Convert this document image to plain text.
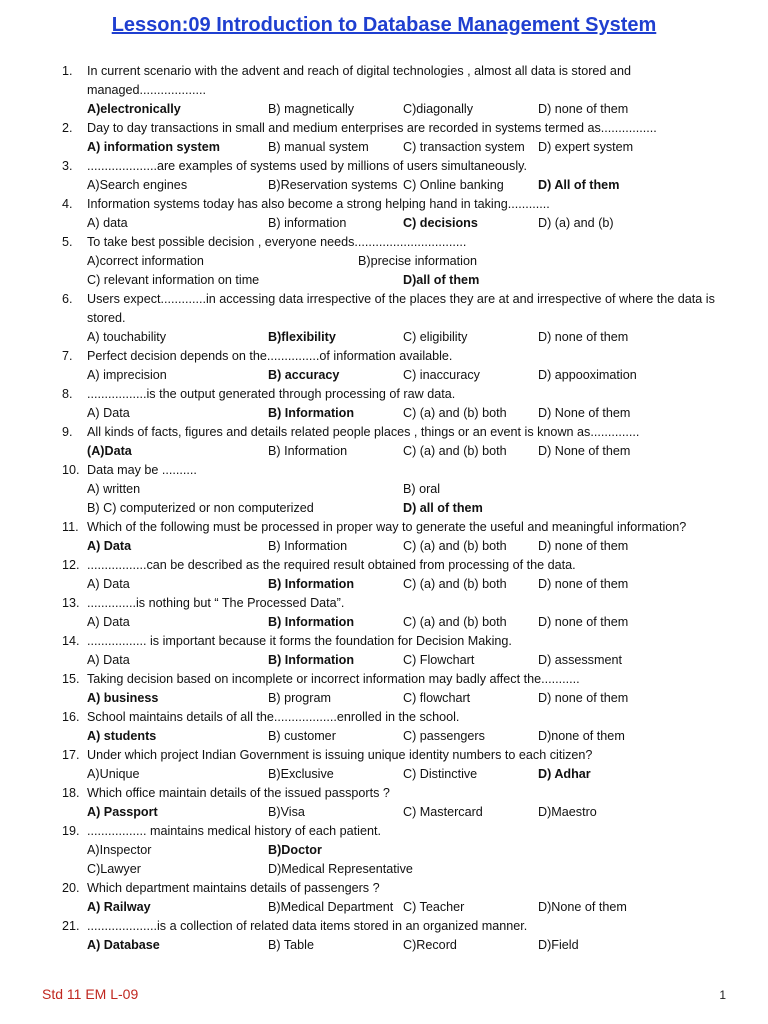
Lesson:09 Introduction to Database Management System
1.	In current scenario with the advent and reach of digital technologies , almost all data is stored and managed...................
A)electronically	B) magnetically	C)diagonally	D) none of them
2.	Day to day transactions in small and medium enterprises are recorded in systems termed as................
A) information system	B) manual system	C) transaction system	D) expert system
3.	....................are examples of systems used by millions of users simultaneously.
A)Search engines	B)Reservation systems C) Online banking	D) All of them
4.	Information systems today has also become a strong helping hand in taking............
A) data	B) information	C) decisions	D) (a) and (b)
5.	To take best possible decision , everyone needs................................
A)correct information	B)precise information
C) relevant information on time	D)all of them
6.	Users expect.............in accessing data irrespective of the places they are at and irrespective of where the data is stored.
A) touchability	B)flexibility	C) eligibility	D) none of them
7.	Perfect decision depends on the...............of information available.
A) imprecision	B) accuracy	C) inaccuracy	D) appooximation
8.	.................is the output generated through processing of raw data.
A) Data	B) Information	C) (a) and (b) both	D) None of them
9.	All kinds of facts, figures and details related people places , things or an event is known as..............
(A)Data	B) Information	C) (a) and (b) both	D) None of them
10. Data may be ..........
A) written	B) oral
B) C) computerized or non computerized	D) all of them
11. Which of the following must be processed in proper way to generate the useful and meaningful information?
A) Data	B) Information	C) (a) and (b) both	D) none of them
12. .................can be described as the required result obtained from processing of the data.
A) Data	B) Information	C) (a) and (b) both	D) none of them
13. ..............is nothing but “ The Processed Data”.
A) Data	B) Information	C) (a) and (b) both	D) none of them
14. ................. is important because it forms the foundation for Decision Making.
A) Data	B) Information	C) Flowchart	D) assessment
15. Taking decision based on incomplete or incorrect information may badly affect the...........
A) business	B) program	C) flowchart	D) none of them
16. School maintains details of all the..................enrolled in the school.
A) students	B) customer	C) passengers	D)none of them
17. Under which project Indian Government is issuing unique identity numbers to each citizen?
A)Unique	B)Exclusive	C) Distinctive	D) Adhar
18. Which office maintain details of the issued passports ?
A) Passport	B)Visa	C) Mastercard	D)Maestro
19. ................. maintains medical history of each patient.
A)Inspector	B)Doctor
C)Lawyer	D)Medical Representative
20. Which department maintains details of passengers ?
A) Railway	B)Medical Department C) Teacher	D)None of them
21. ....................is a collection of related data items stored in an organized manner.
A) Database	B) Table	C)Record	D)Field
Std 11 EM L-09	1
